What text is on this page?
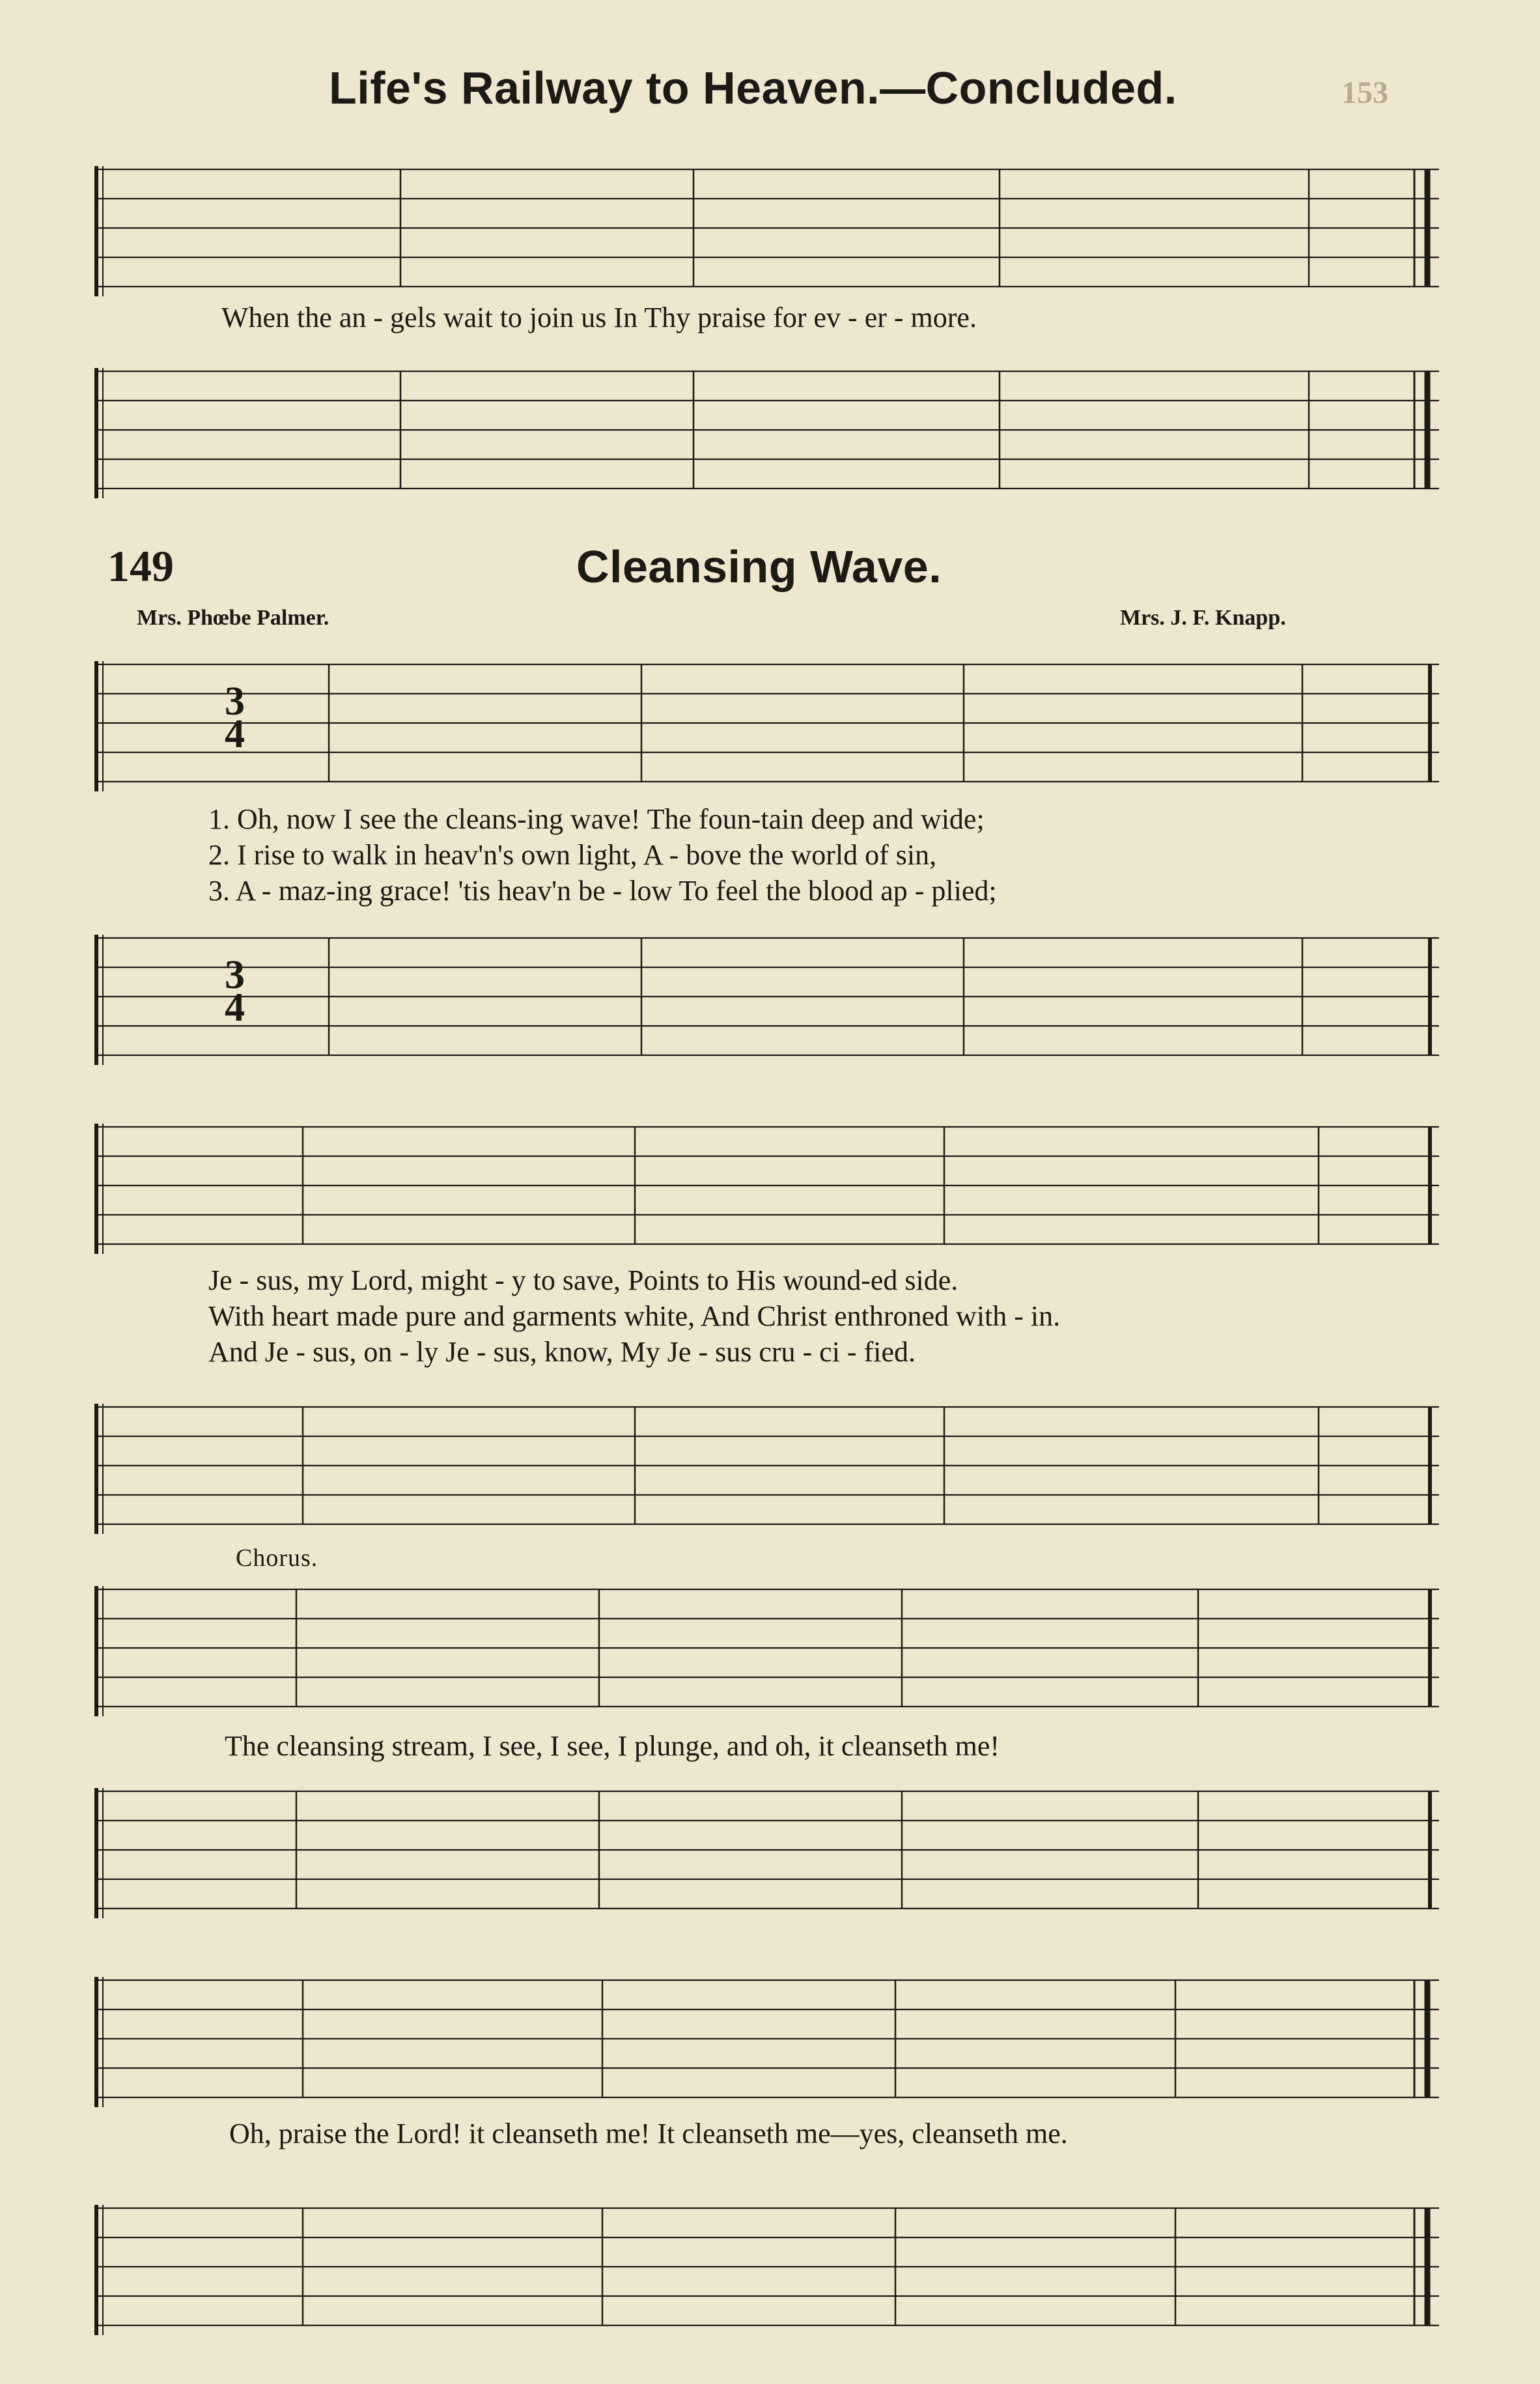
153
Life's Railway to Heaven.—Concluded.
When the an - gels wait to join us In Thy praise for ev - er - more.
149	Cleansing Wave.
Mrs. Phœbe Palmer.	Mrs. J. F. Knapp.
3
4
1. Oh, now I see the cleans-ing wave! The foun-tain deep and wide;
2. I rise to walk in heav'n's own light, A - bove the world of sin,
3. A - maz-ing grace! 'tis heav'n be - low To feel the blood ap - plied;
3
4
Je - sus, my Lord, might - y to save, Points to His wound-ed side.
With heart made pure and garments white, And Christ enthroned with - in.
And Je - sus, on - ly Je - sus, know, My Je - sus cru - ci - fied.
Chorus.
The cleansing stream, I see, I see, I plunge, and oh, it cleanseth me!
Oh, praise the Lord! it cleanseth me! It cleanseth me—yes, cleanseth me.
